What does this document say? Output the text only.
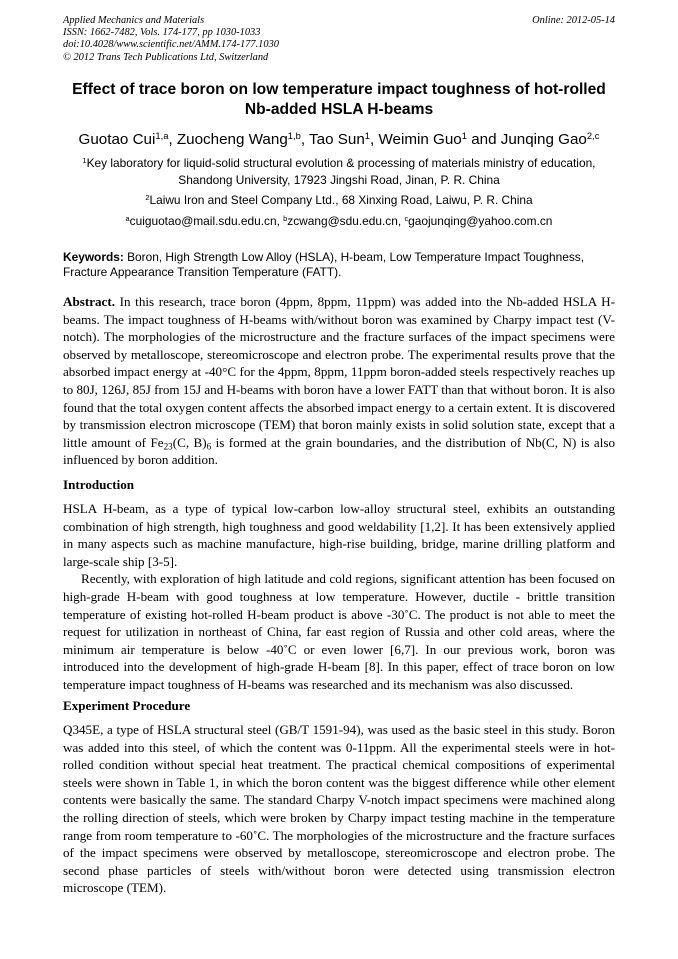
Applied Mechanics and Materials	Online: 2012-05-14
ISSN: 1662-7482, Vols. 174-177, pp 1030-1033
doi:10.4028/www.scientific.net/AMM.174-177.1030
© 2012 Trans Tech Publications Ltd, Switzerland
Effect of trace boron on low temperature impact toughness of hot-rolled
Nb-added HSLA H-beams
Guotao Cui$^{1,a}$, Zuocheng Wang$^{1,b}$, Tao Sun$^1$, Weimin Guo$^1$ and Junqing Gao$^{2,c}$
$^1$Key laboratory for liquid-solid structural evolution & processing of materials ministry of education,
Shandong University, 17923 Jingshi Road, Jinan, P. R. China
$^2$Laiwu Iron and Steel Company Ltd., 68 Xinxing Road, Laiwu, P. R. China
$^a$cuiguotao@mail.sdu.edu.cn, $^b$zcwang@sdu.edu.cn, $^c$gaojunqing@yahoo.com.cn
Keywords: Boron, High Strength Low Alloy (HSLA), H-beam, Low Temperature Impact Toughness, Fracture Appearance Transition Temperature (FATT).

Abstract. In this research, trace boron (4ppm, 8ppm, 11ppm) was added into the Nb-added HSLA H-beams. The impact toughness of H-beams with/without boron was examined by Charpy impact test (V-notch). The morphologies of the microstructure and the fracture surfaces of the impact specimens were observed by metalloscope, stereomicroscope and electron probe. The experimental results prove that the absorbed impact energy at -40°C for the 4ppm, 8ppm, 11ppm boron-added steels respectively reaches up to 80J, 126J, 85J from 15J and H-beams with boron have a lower FATT than that without boron. It is also found that the total oxygen content affects the absorbed impact energy to a certain extent. It is discovered by transmission electron microscope (TEM) that boron mainly exists in solid solution state, except that a little amount of $Fe_{23}(C$, $B)_6$ is formed at the grain boundaries, and the distribution of Nb(C, N) is also influenced by boron addition.

Introduction

HSLA H-beam, as a type of typical low-carbon low-alloy structural steel, exhibits an outstanding combination of high strength, high toughness and good weldability [1,2]. It has been extensively applied in many aspects such as machine manufacture, high-rise building, bridge, marine drilling platform and large-scale ship [3-5].

Recently, with exploration of high latitude and cold regions, significant attention has been focused on high-grade H-beam with good toughness at low temperature. However, ductile - brittle transition temperature of existing hot-rolled H-beam product is above -30˚C. The product is not able to meet the request for utilization in northeast of China, far east region of Russia and other cold areas, where the minimum air temperature is below -40˚C or even lower [6,7]. In our previous work, boron was introduced into the development of high-grade H-beam [8]. In this paper, effect of trace boron on low temperature impact toughness of H-beams was researched and its mechanism was also discussed.

Experiment Procedure

Q345E, a type of HSLA structural steel (GB/T 1591-94), was used as the basic steel in this study. Boron was added into this steel, of which the content was 0-11ppm. All the experimental steels were in hot-rolled condition without special heat treatment. The practical chemical compositions of experimental steels were shown in Table 1, in which the boron content was the biggest difference while other element contents were basically the same. The standard Charpy V-notch impact specimens were machined along the rolling direction of steels, which were broken by Charpy impact testing machine in the temperature range from room temperature to -60˚C. The morphologies of the microstructure and the fracture surfaces of the impact specimens were observed by metalloscope, stereomicroscope and electron probe. The second phase particles of steels with/without boron were detected using transmission electron microscope (TEM).
